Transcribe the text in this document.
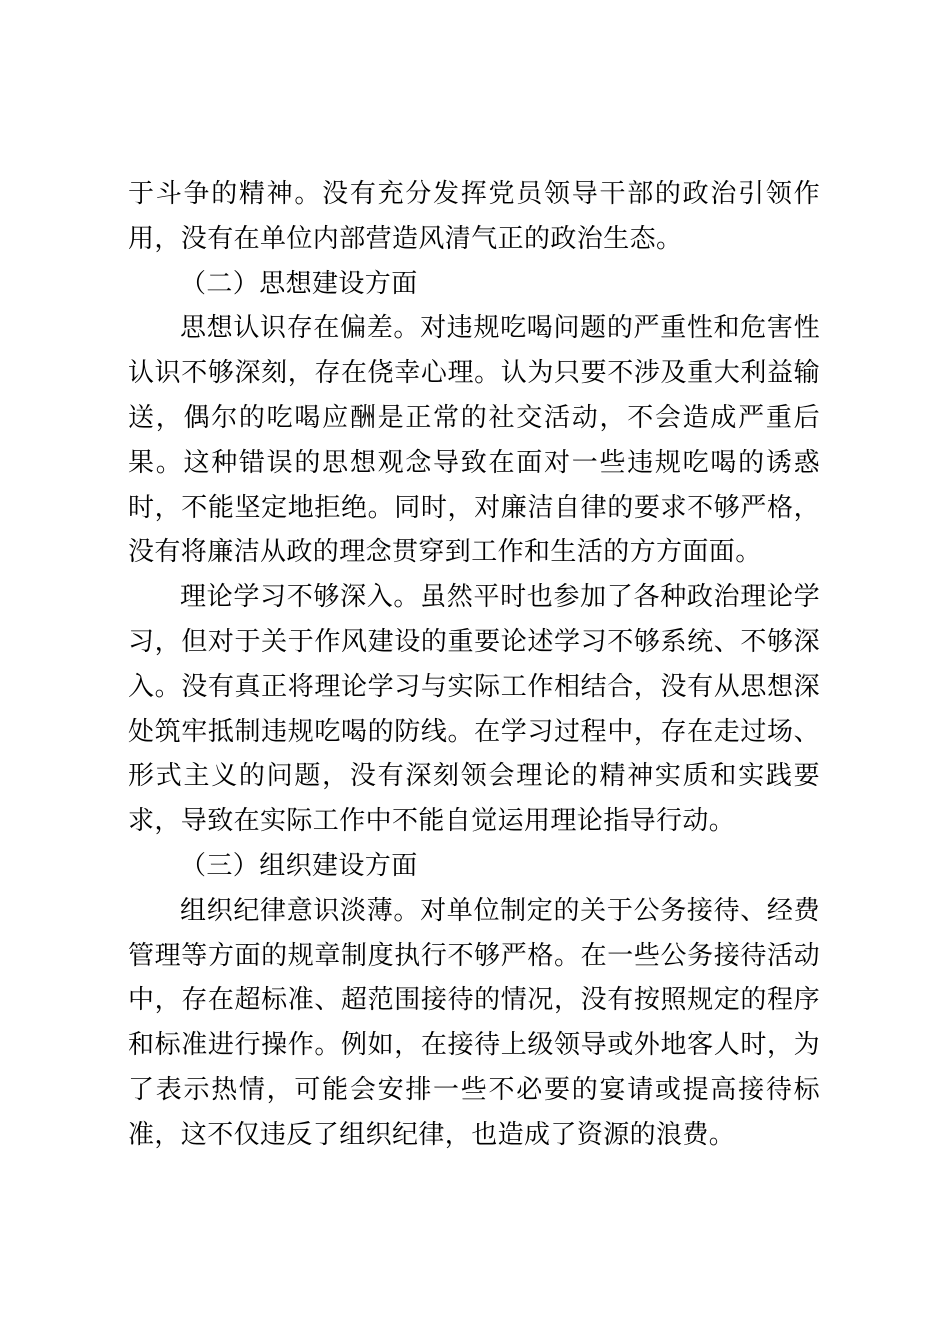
于斗争的精神。没有充分发挥党员领导干部的政治引领作用，没有在单位内部营造风清气正的政治生态。

（二）思想建设方面

思想认识存在偏差。对违规吃喝问题的严重性和危害性认识不够深刻，存在侥幸心理。认为只要不涉及重大利益输送，偶尔的吃喝应酬是正常的社交活动，不会造成严重后果。这种错误的思想观念导致在面对一些违规吃喝的诱惑时，不能坚定地拒绝。同时，对廉洁自律的要求不够严格，没有将廉洁从政的理念贯穿到工作和生活的方方面面。

理论学习不够深入。虽然平时也参加了各种政治理论学习，但对于关于作风建设的重要论述学习不够系统、不够深入。没有真正将理论学习与实际工作相结合，没有从思想深处筑牢抵制违规吃喝的防线。在学习过程中，存在走过场、形式主义的问题，没有深刻领会理论的精神实质和实践要求，导致在实际工作中不能自觉运用理论指导行动。

（三）组织建设方面

组织纪律意识淡薄。对单位制定的关于公务接待、经费管理等方面的规章制度执行不够严格。在一些公务接待活动中，存在超标准、超范围接待的情况，没有按照规定的程序和标准进行操作。例如，在接待上级领导或外地客人时，为了表示热情，可能会安排一些不必要的宴请或提高接待标准，这不仅违反了组织纪律，也造成了资源的浪费。
